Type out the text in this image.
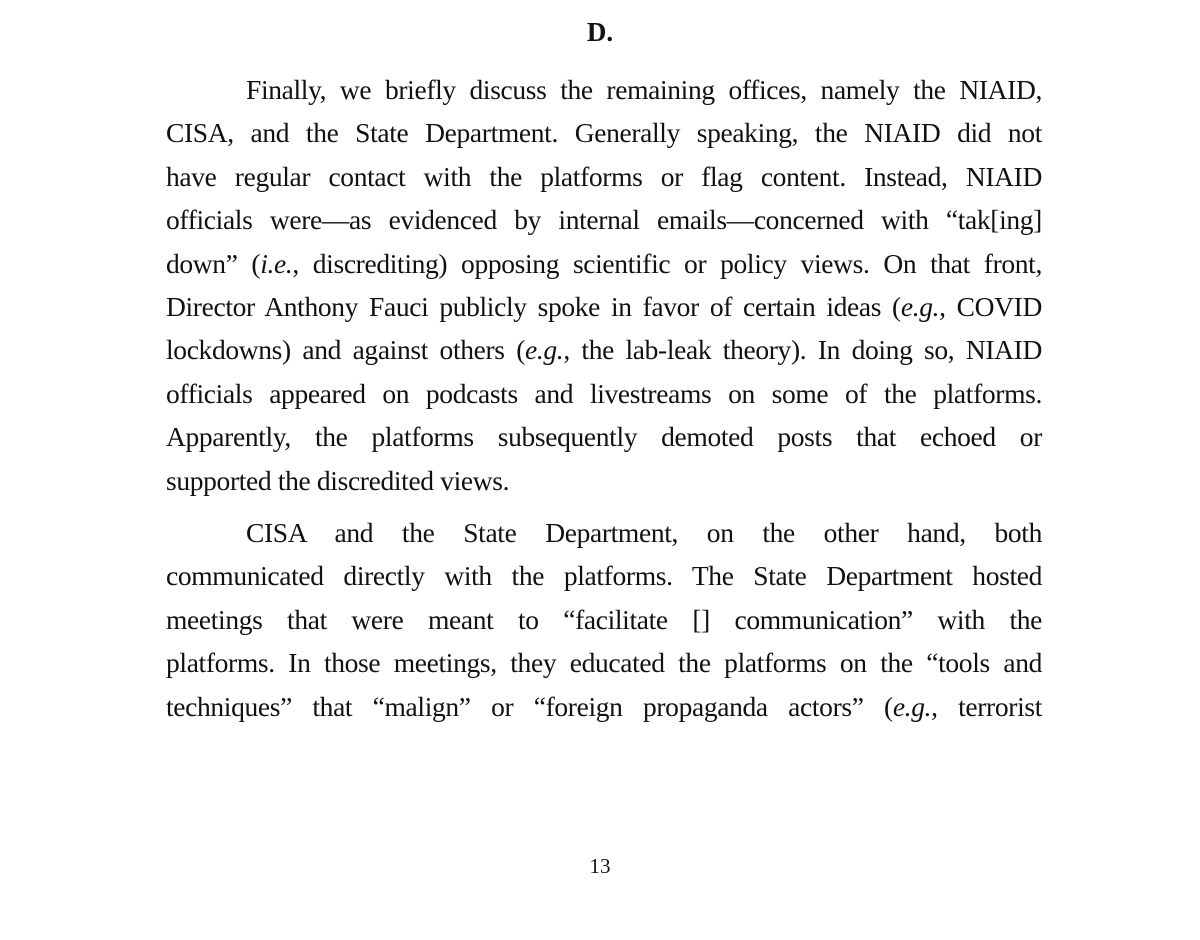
D.
Finally, we briefly discuss the remaining offices, namely the NIAID,
CISA, and the State Department. Generally speaking, the NIAID did not
have regular contact with the platforms or flag content. Instead, NIAID
officials were—as evidenced by internal emails—concerned with “tak[ing]
down” (i.e., discrediting) opposing scientific or policy views. On that front,
Director Anthony Fauci publicly spoke in favor of certain ideas (e.g., COVID
lockdowns) and against others (e.g., the lab-leak theory). In doing so, NIAID
officials appeared on podcasts and livestreams on some of the platforms.
Apparently, the platforms subsequently demoted posts that echoed or
supported the discredited views.
CISA and the State Department, on the other hand, both
communicated directly with the platforms. The State Department hosted
meetings that were meant to “facilitate [] communication” with the
platforms. In those meetings, they educated the platforms on the “tools and
techniques” that “malign” or “foreign propaganda actors” (e.g., terrorist
13
